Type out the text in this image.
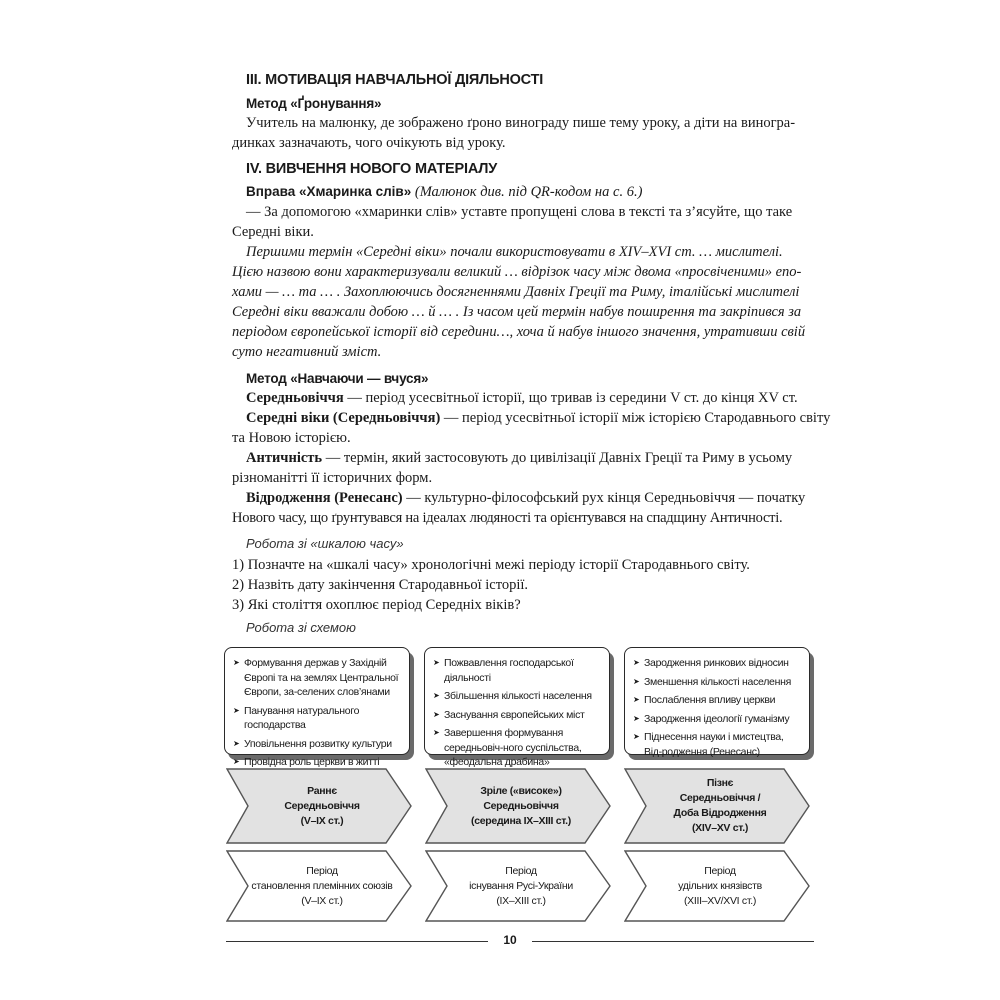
III. МОТИВАЦІЯ НАВЧАЛЬНОЇ ДІЯЛЬНОСТІ
Метод «Ґронування»
Учитель на малюнку, де зображено ґроно винограду пише тему уроку, а діти на виногра-
динках зазначають, чого очікують від уроку.
IV. ВИВЧЕННЯ НОВОГО МАТЕРІАЛУ
Вправа «Хмаринка слів» (Малюнок див. під QR-кодом на с. 6.)
— За допомогою «хмаринки слів» уставте пропущені слова в тексті та з’ясуйте, що таке
Середні віки.
Першими термін «Середні віки» почали використовувати в XIV–XVI ст. … мислителі.
Цією назвою вони характеризували великий … відрізок часу між двома «просвіченими» епо-
хами — … та … . Захоплюючись досягненнями Давніх Греції та Риму, італійські мислителі
Середні віки вважали добою … й … . Із часом цей термін набув поширення та закріпився за
періодом європейської історії від середини…, хоча й набув іншого значення, утративши свій
суто негативний зміст.
Метод «Навчаючи — вчуся»
Середньовіччя — період усесвітньої історії, що тривав із середини V ст. до кінця XV ст.
Середні віки (Середньовіччя) — період усесвітньої історії між історією Стародавнього світу
та Новою історією.
Античність — термін, який застосовують до цивілізації Давніх Греції та Риму в усьому
різноманітті її історичних форм.
Відродження (Ренесанс) — культурно-філософський рух кінця Середньовіччя — початку
Нового часу, що ґрунтувався на ідеалах людяності та орієнтувався на спадщину Античності.
Робота зі «шкалою часу»
1) Позначте на «шкалі часу» хронологічні межі періоду історії Стародавнього світу.
2) Назвіть дату закінчення Стародавньої історії.
3) Які століття охоплює період Середніх віків?
Робота зі схемою
➤ Формування держав у Західній Європі та на землях Центральної Європи, за-селених слов’янами
➤ Панування натурального господарства
➤ Уповільнення розвитку культури
➤ Провідна роль церкви в житті
➤ Пожвавлення господарської діяльності
➤ Збільшення кількості населення
➤ Заснування європейських міст
➤ Завершення формування середньовіч-ного суспільства, «феодальна драбина»
➤
➤ Зародження ринкових відносин
➤ Зменшення кількості населення
➤ Послаблення впливу церкви
➤ Зародження ідеології гуманізму
➤ Піднесення науки і мистецтва, Від-родження (Ренесанс)
Раннє
Середньовіччя
(V–IX ст.)
Зріле («високе»)
Середньовіччя
(середина IX–XIII ст.)
Пізнє
Середньовіччя /
Доба Відродження
(XIV–XV ст.)
Період
становлення племінних союзів
(V–IX ст.)
Період
існування Русі-України
(IX–XIII ст.)
Період
удільних князівств
(XIII–XV/XVI ст.)
10
